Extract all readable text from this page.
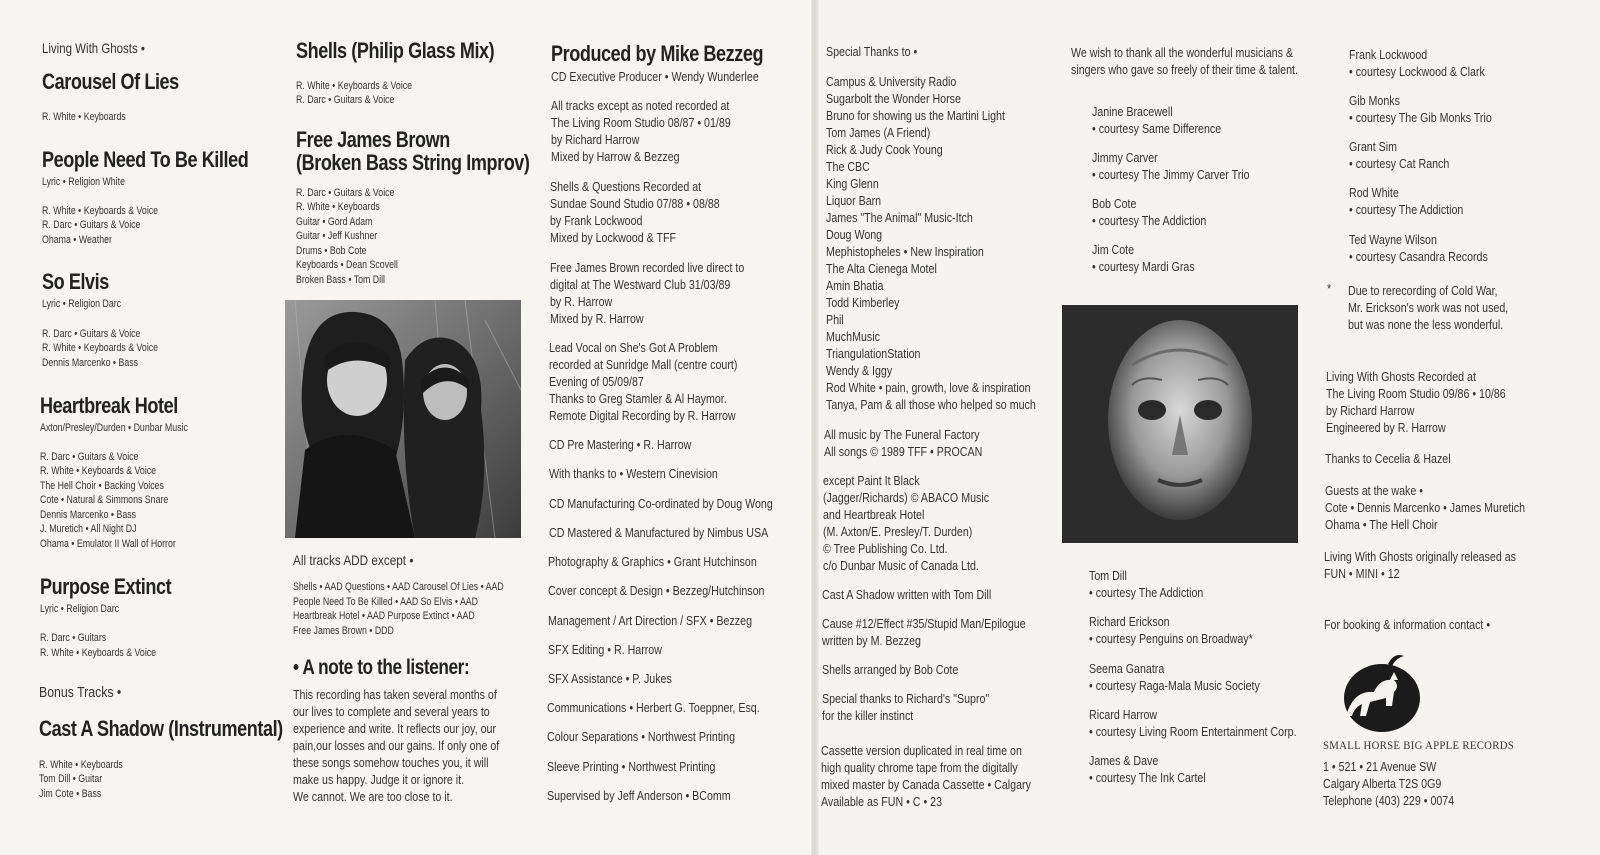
Living With Ghosts •
Carousel Of Lies
R. White • Keyboards
People Need To Be Killed
Lyric • Religion White
R. White • Keyboards & Voice
R. Darc • Guitars & Voice
Ohama • Weather
So Elvis
Lyric • Religion Darc
R. Darc • Guitars & Voice
R. White • Keyboards & Voice
Dennis Marcenko • Bass
Heartbreak Hotel
Axton/Presley/Durden • Dunbar Music
R. Darc • Guitars & Voice
R. White • Keyboards & Voice
The Hell Choir • Backing Voices
Cote • Natural & Simmons Snare
Dennis Marcenko • Bass
J. Muretich • All Night DJ
Ohama • Emulator II Wall of Horror
Purpose Extinct
Lyric • Religion Darc
R. Darc • Guitars
R. White • Keyboards & Voice
Bonus Tracks •
Cast A Shadow (Instrumental)
R. White • Keyboards
Tom Dill • Guitar
Jim Cote • Bass
Shells (Philip Glass Mix)
R. White • Keyboards & Voice
R. Darc • Guitars & Voice
Free James Brown
(Broken Bass String Improv)
R. Darc • Guitars & Voice
R. White • Keyboards
Guitar • Gord Adam
Guitar • Jeff Kushner
Drums • Bob Cote
Keyboards • Dean Scovell
Broken Bass • Tom Dill
All tracks ADD except •
Shells • AAD Questions • AAD Carousel Of Lies • AAD
People Need To Be Killed • AAD So Elvis • AAD
Heartbreak Hotel • AAD Purpose Extinct • AAD
Free James Brown • DDD
• A note to the listener:
This recording has taken several months of
our lives to complete and several years to
experience and write. It reflects our joy, our
pain,our losses and our gains. If only one of
these songs somehow touches you, it will
make us happy. Judge it or ignore it.
We cannot. We are too close to it.
Produced by Mike Bezzeg
CD Executive Producer • Wendy Wunderlee
All tracks except as noted recorded at
The Living Room Studio 08/87 • 01/89
by Richard Harrow
Mixed by Harrow & Bezzeg
Shells & Questions Recorded at
Sundae Sound Studio 07/88 • 08/88
by Frank Lockwood
Mixed by Lockwood & TFF
Free James Brown recorded live direct to
digital at The Westward Club 31/03/89
by R. Harrow
Mixed by R. Harrow
Lead Vocal on She's Got A Problem
recorded at Sunridge Mall (centre court)
Evening of 05/09/87
Thanks to Greg Stamler & Al Haymor.
Remote Digital Recording by R. Harrow
CD Pre Mastering • R. Harrow
With thanks to • Western Cinevision
CD Manufacturing Co-ordinated by Doug Wong
CD Mastered & Manufactured by Nimbus USA
Photography & Graphics • Grant Hutchinson
Cover concept & Design • Bezzeg/Hutchinson
Management / Art Direction / SFX • Bezzeg
SFX Editing • R. Harrow
SFX Assistance • P. Jukes
Communications • Herbert G. Toeppner, Esq.
Colour Separations • Northwest Printing
Sleeve Printing • Northwest Printing
Supervised by Jeff Anderson • BComm
Special Thanks to •
Campus & University Radio
Sugarbolt the Wonder Horse
Bruno for showing us the Martini Light
Tom James (A Friend)
Rick & Judy Cook Young
The CBC
King Glenn
Liquor Barn
James "The Animal" Music-Itch
Doug Wong
Mephistopheles • New Inspiration
The Alta Cienega Motel
Amin Bhatia
Todd Kimberley
Phil
MuchMusic
TriangulationStation
Wendy & Iggy
Rod White • pain, growth, love & inspiration
Tanya, Pam & all those who helped so much
All music by The Funeral Factory
All songs © 1989 TFF • PROCAN
except Paint It Black
(Jagger/Richards) © ABACO Music
and Heartbreak Hotel
(M. Axton/E. Presley/T. Durden)
© Tree Publishing Co. Ltd.
c/o Dunbar Music of Canada Ltd.
Cast A Shadow written with Tom Dill
Cause #12/Effect #35/Stupid Man/Epilogue
written by M. Bezzeg
Shells arranged by Bob Cote
Special thanks to Richard's "Supro"
for the killer instinct
Cassette version duplicated in real time on
high quality chrome tape from the digitally
mixed master by Canada Cassette • Calgary
Available as FUN • C • 23
We wish to thank all the wonderful musicians &
singers who gave so freely of their time & talent.
Janine Bracewell
• courtesy Same Difference
Jimmy Carver
• courtesy The Jimmy Carver Trio
Bob Cote
• courtesy The Addiction
Jim Cote
• courtesy Mardi Gras
Tom Dill
• courtesy The Addiction
Richard Erickson
• courtesy Penguins on Broadway*
Seema Ganatra
• courtesy Raga-Mala Music Society
Ricard Harrow
• courtesy Living Room Entertainment Corp.
James & Dave
• courtesy The Ink Cartel
Frank Lockwood
• courtesy Lockwood & Clark
Gib Monks
• courtesy The Gib Monks Trio
Grant Sim
• courtesy Cat Ranch
Rod White
• courtesy The Addiction
Ted Wayne Wilson
• courtesy Casandra Records
* Due to rerecording of Cold War,
Mr. Erickson's work was not used,
but was none the less wonderful.
Living With Ghosts Recorded at
The Living Room Studio 09/86 • 10/86
by Richard Harrow
Engineered by R. Harrow
Thanks to Cecelia & Hazel
Guests at the wake •
Cote • Dennis Marcenko • James Muretich
Ohama • The Hell Choir
Living With Ghosts originally released as
FUN • MINI • 12
For booking & information contact •
SMALL HORSE BIG APPLE RECORDS
1 • 521 • 21 Avenue SW
Calgary Alberta T2S 0G9
Telephone (403) 229 • 0074
